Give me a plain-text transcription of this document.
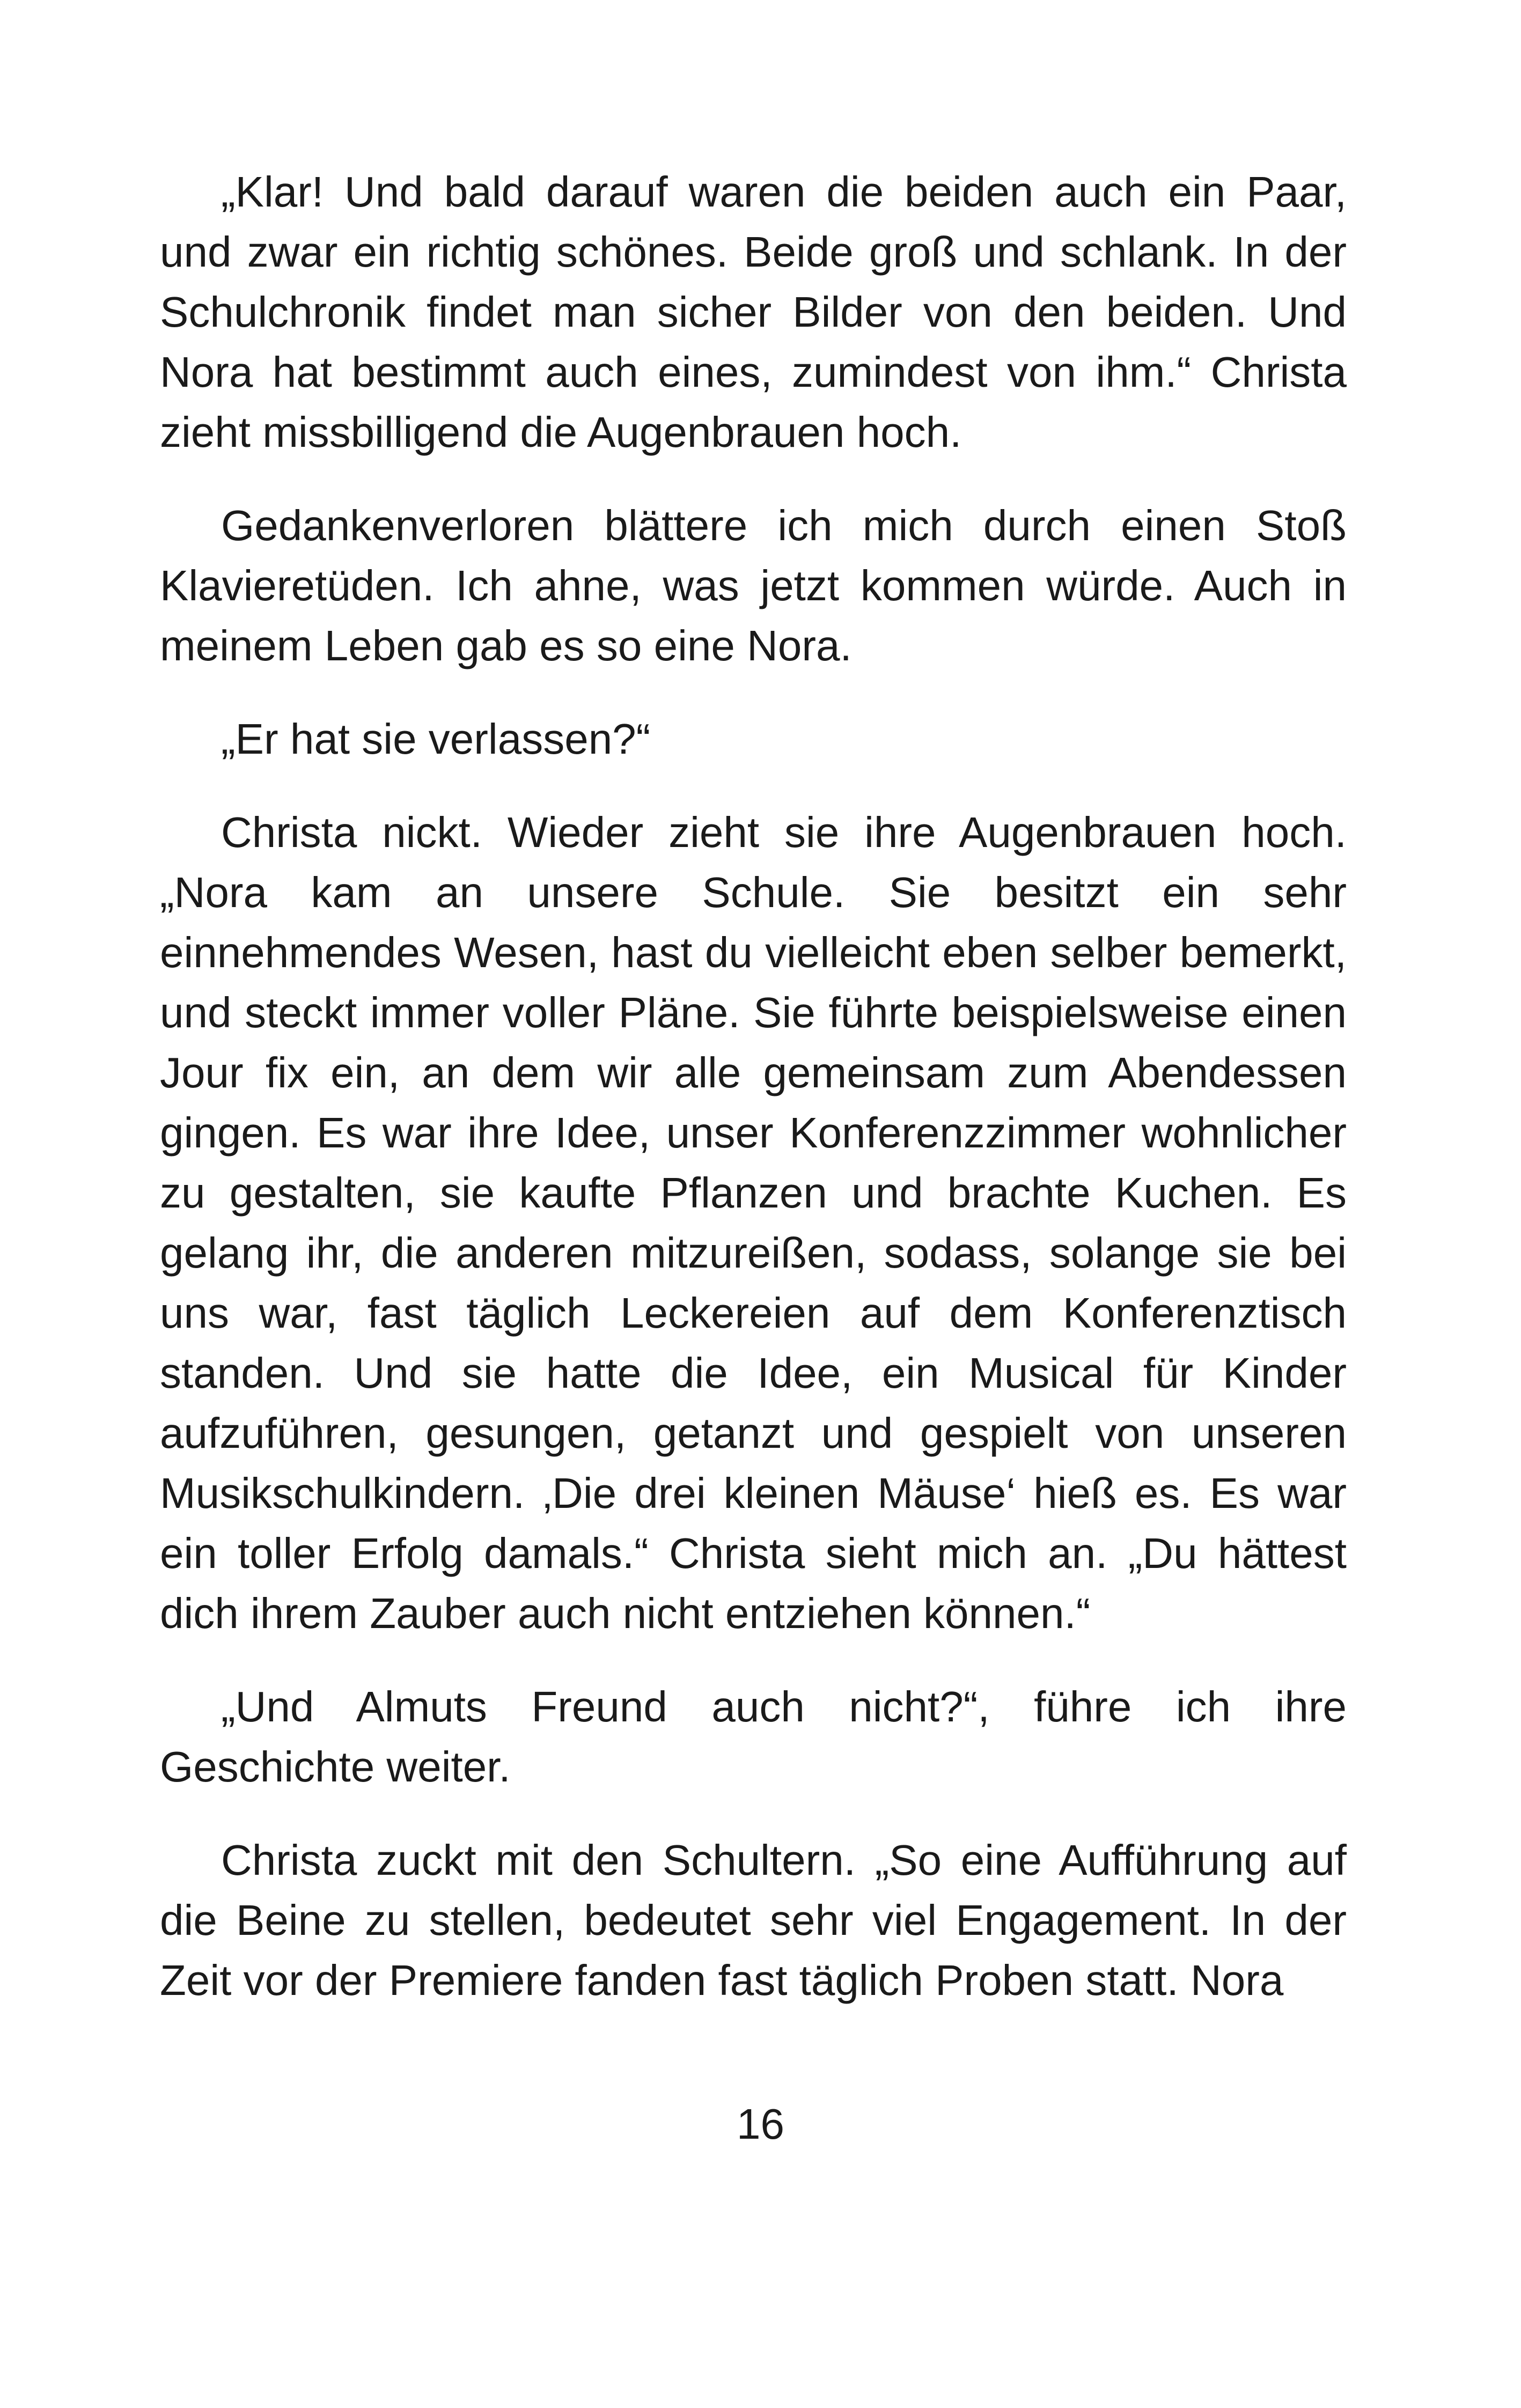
„Klar! Und bald darauf waren die beiden auch ein Paar, und zwar ein richtig schönes. Beide groß und schlank. In der Schulchronik findet man sicher Bilder von den beiden. Und Nora hat bestimmt auch eines, zumindest von ihm.“ Christa zieht missbilligend die Augenbrauen hoch.

Gedankenverloren blättere ich mich durch einen Stoß Klavieretüden. Ich ahne, was jetzt kommen würde. Auch in meinem Leben gab es so eine Nora.

„Er hat sie verlassen?“

Christa nickt. Wieder zieht sie ihre Augenbrauen hoch. „Nora kam an unsere Schule. Sie besitzt ein sehr einnehmendes Wesen, hast du vielleicht eben selber bemerkt, und steckt immer voller Pläne. Sie führte beispielsweise einen Jour fix ein, an dem wir alle gemeinsam zum Abendessen gingen. Es war ihre Idee, unser Konferenzzimmer wohnlicher zu gestalten, sie kaufte Pflanzen und brachte Kuchen. Es gelang ihr, die anderen mitzureißen, sodass, solange sie bei uns war, fast täglich Leckereien auf dem Konferenztisch standen. Und sie hatte die Idee, ein Musical für Kinder aufzuführen, gesungen, getanzt und gespielt von unseren Musikschulkindern. ‚Die drei kleinen Mäuse‘ hieß es. Es war ein toller Erfolg damals.“ Christa sieht mich an. „Du hättest dich ihrem Zauber auch nicht entziehen können.“

„Und Almuts Freund auch nicht?“, führe ich ihre Geschichte weiter.

Christa zuckt mit den Schultern. „So eine Aufführung auf die Beine zu stellen, bedeutet sehr viel Engagement. In der Zeit vor der Premiere fanden fast täglich Proben statt. Nora

16
